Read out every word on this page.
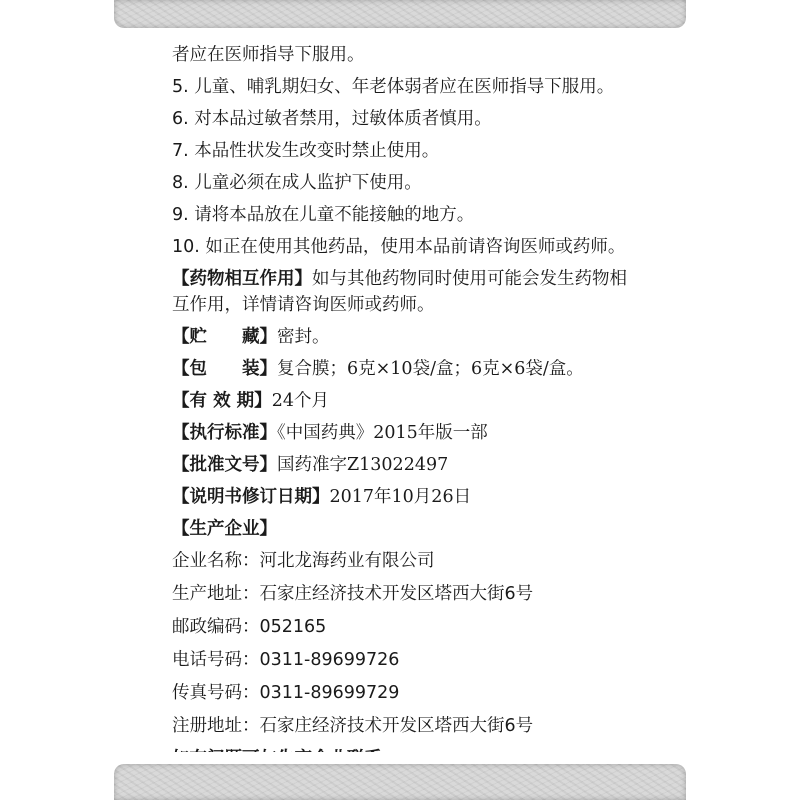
者应在医师指导下服用。
5. 儿童、哺乳期妇女、年老体弱者应在医师指导下服用。
6. 对本品过敏者禁用，过敏体质者慎用。
7. 本品性状发生改变时禁止使用。
8. 儿童必须在成人监护下使用。
9. 请将本品放在儿童不能接触的地方。
10. 如正在使用其他药品，使用本品前请咨询医师或药师。
【药物相互作用】如与其他药物同时使用可能会发生药物相互作用，详情请咨询医师或药师。
【贮　　藏】密封。
【包　　装】复合膜；6克×10袋/盒；6克×6袋/盒。
【有 效 期】24个月
【执行标准】《中国药典》2015年版一部
【批准文号】国药准字Z13022497
【说明书修订日期】2017年10月26日
【生产企业】
企业名称：河北龙海药业有限公司
生产地址：石家庄经济技术开发区塔西大街6号
邮政编码：052165
电话号码：0311-89699726
传真号码：0311-89699729
注册地址：石家庄经济技术开发区塔西大街6号
